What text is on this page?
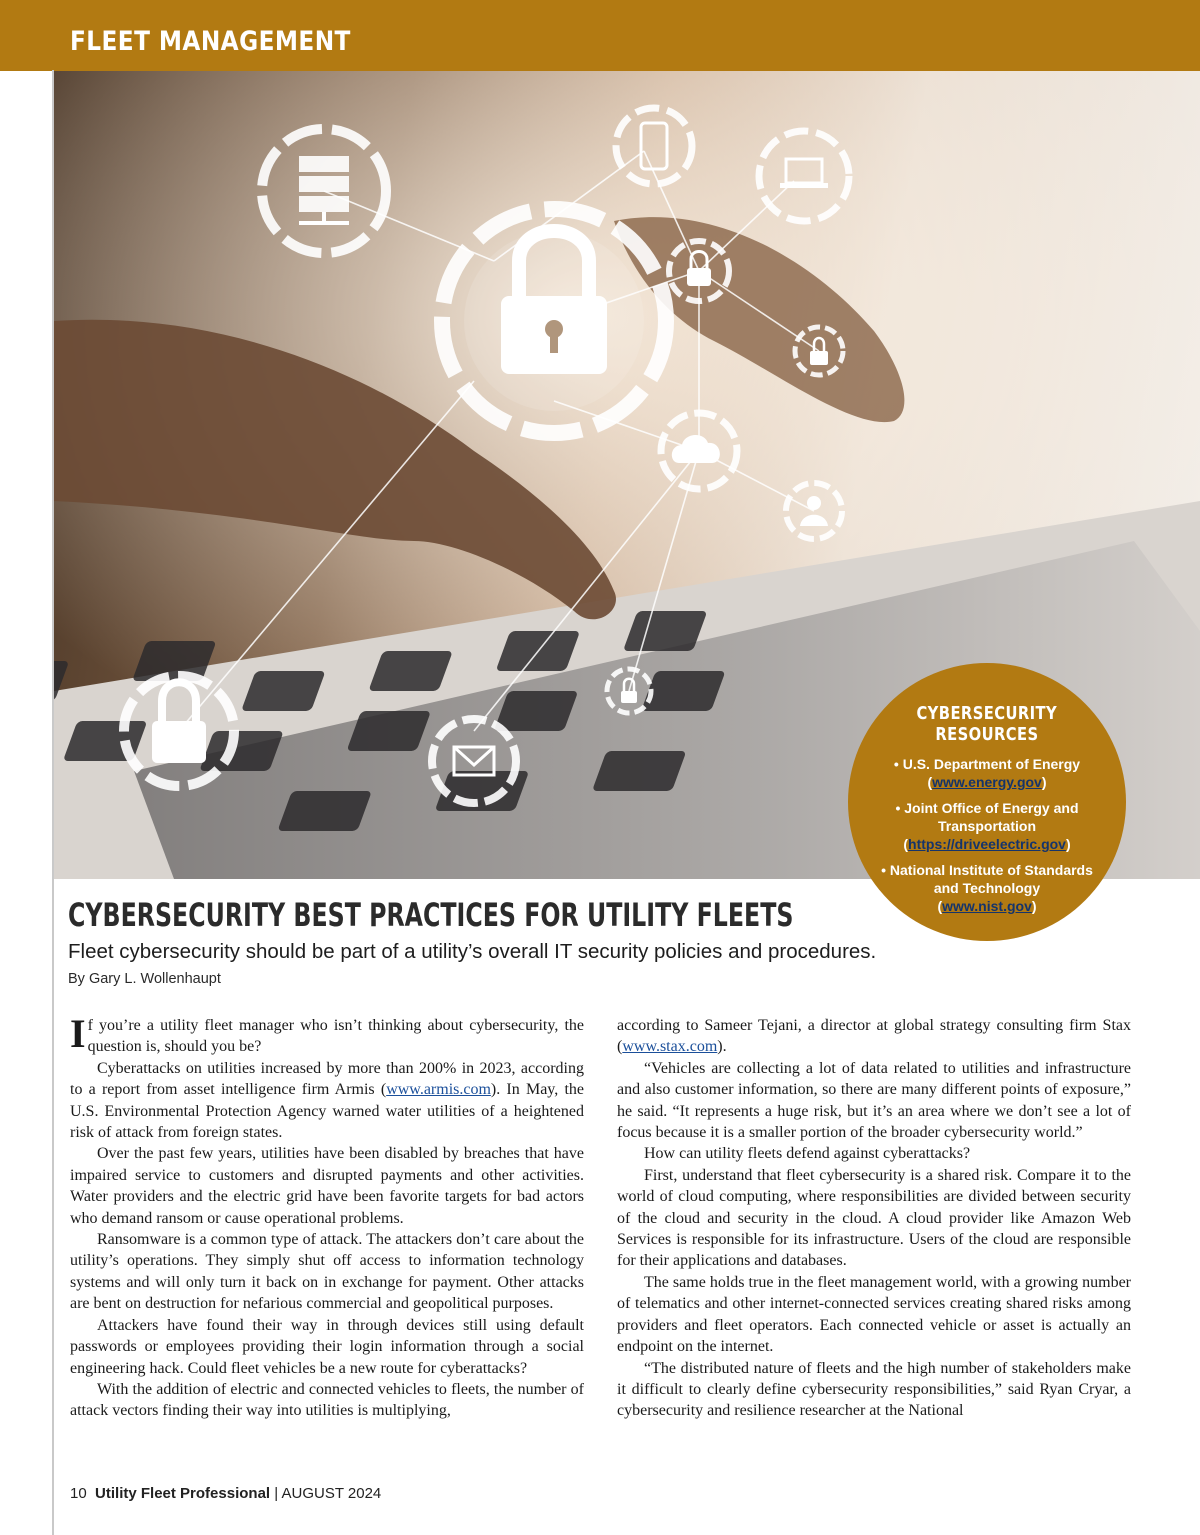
FLEET MANAGEMENT
CYBERSECURITY
RESOURCES
• U.S. Department of Energy
(www.energy.gov)
• Joint Office of Energy and Transportation
(https://driveelectric.gov)
• National Institute of Standards and Technology
(www.nist.gov)
CYBERSECURITY BEST PRACTICES FOR UTILITY FLEETS
Fleet cybersecurity should be part of a utility’s overall IT security policies and procedures.
By Gary L. Wollenhaupt

If you’re a utility fleet manager who isn’t thinking about cybersecurity, the question is, should you be?

Cyberattacks on utilities increased by more than 200% in 2023, according to a report from asset intelligence firm Armis (www.armis.com). In May, the U.S. Environmental Protection Agency warned water utilities of a heightened risk of attack from foreign states.

Over the past few years, utilities have been disabled by breaches that have impaired service to customers and disrupted payments and other activities. Water providers and the electric grid have been favorite targets for bad actors who demand ransom or cause operational problems.

Ransomware is a common type of attack. The attackers don’t care about the utility’s operations. They simply shut off access to information technology systems and will only turn it back on in exchange for payment. Other attacks are bent on destruction for nefarious commercial and geopolitical purposes.

Attackers have found their way in through devices still using default passwords or employees providing their login information through a social engineering hack. Could fleet vehicles be a new route for cyberattacks?

With the addition of electric and connected vehicles to fleets, the number of attack vectors finding their way into utilities is multiplying,

according to Sameer Tejani, a director at global strategy consulting firm Stax (www.stax.com).

“Vehicles are collecting a lot of data related to utilities and infrastructure and also customer information, so there are many different points of exposure,” he said. “It represents a huge risk, but it’s an area where we don’t see a lot of focus because it is a smaller portion of the broader cybersecurity world.”

How can utility fleets defend against cyberattacks?

First, understand that fleet cybersecurity is a shared risk. Compare it to the world of cloud computing, where responsibilities are divided between security of the cloud and security in the cloud. A cloud provider like Amazon Web Services is responsible for its infrastructure. Users of the cloud are responsible for their applications and databases.

The same holds true in the fleet management world, with a growing number of telematics and other internet-connected services creating shared risks among providers and fleet operators. Each connected vehicle or asset is actually an endpoint on the internet.

“The distributed nature of fleets and the high number of stakeholders make it difficult to clearly define cybersecurity responsibilities,” said Ryan Cryar, a cybersecurity and resilience researcher at the National

10 Utility Fleet Professional | AUGUST 2024
